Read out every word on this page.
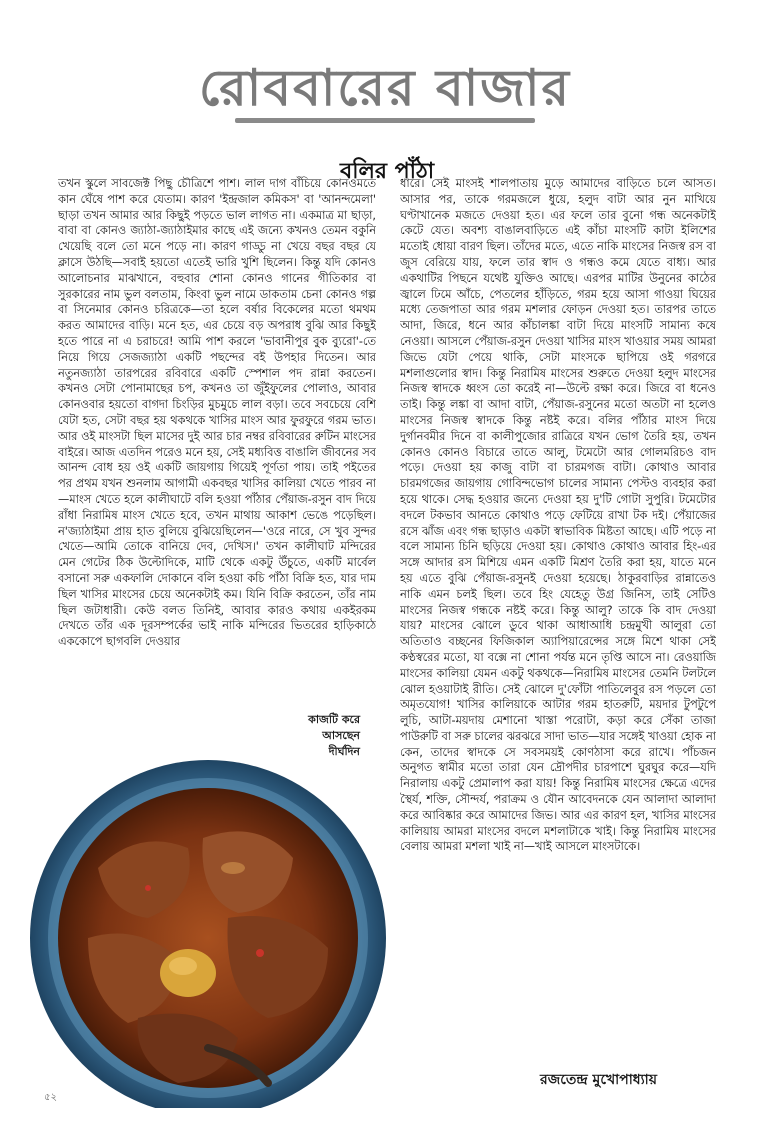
রোববারের বাজার
বলির পাঁঠা

তখন স্কুলে সাবজেক্ট পিছু চৌত্রিশে পাশ। লাল দাগ বাঁচিয়ে কোনওমতে কান ঘেঁষে পাশ করে যেতাম। কারণ 'ইন্দ্রজাল কমিকস' বা 'আনন্দমেলা' ছাড়া তখন আমার আর কিছুই পড়তে ভাল লাগত না। একমাত্র মা ছাড়া, বাবা বা কোনও জ্যাঠা-জ্যাঠাইমার কাছে এই জন্যে কখনও তেমন বকুনি খেয়েছি বলে তো মনে পড়ে না। কারণ গাড্ডু না খেয়ে বছর বছর যে ক্লাসে উঠছি—সবাই হয়তো এতেই ভারি খুশি ছিলেন। কিন্তু যদি কোনও আলোচনার মাঝখানে, বহুবার শোনা কোনও গানের গীতিকার বা সুরকারের নাম ভুল বলতাম, কিংবা ভুল নামে ডাকতাম চেনা কোনও গল্প বা সিনেমার কোনও চরিত্রকে—তা হলে বর্ষার বিকেলের মতো থমথম করত আমাদের বাড়ি। মনে হত, এর চেয়ে বড় অপরাধ বুঝি আর কিছুই হতে পারে না এ চরাচরে! আমি পাশ করলে 'ভাবানীপুর বুক ব্যুরো'-তে নিয়ে গিয়ে সেজজ্যাঠা একটি পছন্দের বই উপহার দিতেন। আর নতুনজ্যাঠা তারপরের রবিবারে একটি স্পেশাল পদ রান্না করতেন। কখনও সেটা পোনামাছের চপ, কখনও তা জুঁইফুলের পোলাও, আবার কোনওবার হয়তো বাগদা চিংড়ির মুচমুচে লাল বড়া। তবে সবচেয়ে বেশি যেটা হত, সেটা বছর হয় থকথকে খাসির মাংস আর ফুরফুরে গরম ভাত। আর ওই মাংসটা ছিল মাসের দুই আর চার নম্বর রবিবারের রুটিন মাংসের বাইরে। আজ এতদিন পরেও মনে হয়, সেই মধ্যবিত্ত বাঙালি জীবনের সব আনন্দ বোধ হয় ওই একটি জায়গায় গিয়েই পূর্ণতা পায়। তাই পইতের পর প্রথম যখন শুনলাম আগামী একবছর খাসির কালিয়া খেতে পারব না—মাংস খেতে হলে কালীঘাটে বলি হওয়া পাঁঠার পেঁয়াজ-রসুন বাদ দিয়ে রাঁধা নিরামিষ মাংস খেতে হবে, তখন মাথায় আকাশ ভেঙে পড়েছিল। ন'জ্যাঠাইমা প্রায় হাত বুলিয়ে বুঝিয়েছিলেন—'ওরে নারে, সে খুব সুন্দর খেতে—আমি তোকে বানিয়ে দেব, দেখিস।' তখন কালীঘাট মন্দিরের মেন গেটের ঠিক উল্টোদিকে, মাটি থেকে একটু উঁচুতে, একটি মার্বেল বসানো সরু একফালি দোকানে বলি হওয়া কচি পাঁঠা বিক্রি হত, যার দাম ছিল খাসির মাংসের চেয়ে অনেকটাই কম। যিনি বিক্রি করতেন, তাঁর নাম ছিল জটাধারী। কেউ বলত তিনিই, আবার কারও কথায় একইরকম দেখতে তাঁর এক দূরসম্পর্কের ভাই নাকি মন্দিরের ভিতরের হাড়িকাঠে এককোপে ছাগবলি দেওয়ার

ধারে। সেই মাংসই শালপাতায় মুড়ে আমাদের বাড়িতে চলে আসত। আসার পর, তাকে গরমজলে ধুয়ে, হলুদ বাটা আর নুন মাখিয়ে ঘণ্টাখানেক মজতে দেওয়া হত। এর ফলে তার বুনো গন্ধ অনেকটাই কেটে যেত। অবশ্য বাঙালবাড়িতে এই কাঁচা মাংসটি কাটা ইলিশের মতোই ধোয়া বারণ ছিল। তাঁদের মতে, এতে নাকি মাংসের নিজস্ব রস বা জুস বেরিয়ে যায়, ফলে তার স্বাদ ও গন্ধও কমে যেতে বাধ্য। আর একথাটির পিছনে যথেষ্ট যুক্তিও আছে। এরপর মাটির উনুনের কাঠের জ্বালে ঢিমে আঁচে, পেতলের হাঁড়িতে, গরম হয়ে আসা গাওয়া ঘিয়ের মধ্যে তেজপাতা আর গরম মশলার ফোড়ন দেওয়া হত। তারপর তাতে আদা, জিরে, ধনে আর কাঁচালঙ্কা বাটা দিয়ে মাংসটি সামান্য কষে নেওয়া। আসলে পেঁয়াজ-রসুন দেওয়া খাসির মাংস খাওয়ার সময় আমরা জিভে যেটা পেয়ে থাকি, সেটা মাংসকে ছাপিয়ে ওই গরগরে মশলাগুলোর স্বাদ। কিন্তু নিরামিষ মাংসের শুরুতে দেওয়া হলুদ মাংসের নিজস্ব স্বাদকে ধ্বংস তো করেই না—উল্টে রক্ষা করে। জিরে বা ধনেও তাই। কিন্তু লঙ্কা বা আদা বাটা, পেঁয়াজ-রসুনের মতো অতটা না হলেও মাংসের নিজস্ব স্বাদকে কিন্তু নষ্টই করে। বলির পাঁঠার মাংস দিয়ে দুর্গানবমীর দিনে বা কালীপুজোর রাত্রিরে যখন ভোগ তৈরি হয়, তখন কোনও কোনও বিচারে তাতে আলু, টমেটো আর গোলমরিচও বাদ পড়ে। দেওয়া হয় কাজু বাটা বা চারমগজ বাটা। কোথাও আবার চারমগজের জায়গায় গোবিন্দভোগ চালের সামান্য পেস্টও ব্যবহার করা হয়ে থাকে। সেদ্ধ হওয়ার জন্যে দেওয়া হয় দু'টি গোটা সুপুরি। টমেটোর বদলে টকভাব আনতে কোথাও পড়ে ফেটিয়ে রাখা টক দই। পেঁয়াজের রসে ঝাঁজ এবং গন্ধ ছাড়াও একটা স্বাভাবিক মিষ্টতা আছে। এটি পড়ে না বলে সামান্য চিনি ছড়িয়ে দেওয়া হয়। কোথাও কোথাও আবার হিং-এর সঙ্গে আদার রস মিশিয়ে এমন একটি মিশ্রণ তৈরি করা হয়, যাতে মনে হয় এতে বুঝি পেঁয়াজ-রসুনই দেওয়া হয়েছে। ঠাকুরবাড়ির রান্নাতেও নাকি এমন চলই ছিল। তবে হিং যেহেতু উগ্র জিনিস, তাই সেটিও মাংসের নিজস্ব গন্ধকে নষ্টই করে। কিন্তু আলু? তাকে কি বাদ দেওয়া যায়? মাংসের ঝোলে ডুবে থাকা আধাআধি চন্দ্রমুখী আলুরা তো অতিতাও বচ্ছনের ফিজিকাল অ্যাপিয়ারেন্সের সঙ্গে মিশে থাকা সেই কণ্ঠস্বরের মতো, যা বক্সে না শোনা পর্যন্ত মনে তৃপ্তি আসে না। রেওয়াজি মাংসের কালিয়া যেমন একটু থকথকে—নিরামিষ মাংসের তেমনি টলটলে ঝোল হওয়াটাই রীতি। সেই ঝোলে দু'ফোঁটা পাতিলেবুর রস পড়লে তো অমৃতযোগ! খাসির কালিয়াকে আটার গরম হাতরুটি, ময়দার টুপটুপে লুচি, আটা-ময়দায় মেশানো খাস্তা পরোটা, কড়া করে সেঁকা তাজা পাউরুটি বা সরু চালের ঝরঝরে সাদা ভাত—যার সঙ্গেই খাওয়া হোক না কেন, তাদের স্বাদকে সে সবসময়ই কোণঠাসা করে রাখে। পাঁচজন অনুগত স্বামীর মতো তারা যেন দ্রৌপদীর চারপাশে ঘুরঘুর করে—যদি নিরালায় একটু প্রেমালাপ করা যায়! কিন্তু নিরামিষ মাংসের ক্ষেত্রে এদের স্থৈর্য, শক্তি, সৌন্দর্য, পরাক্রম ও যৌন আবেদনকে যেন আলাদা আলাদা করে আবিষ্কার করে আমাদের জিভ। আর এর কারণ হল, খাসির মাংসের কালিয়ায় আমরা মাংসের বদলে মশলাটাকে খাই। কিন্তু নিরামিষ মাংসের বেলায় আমরা মশলা খাই না—খাই আসলে মাংসটাকে।

কাজটি করে
আসছেন
দীর্ঘদিন
রজতেন্দ্র মুখোপাধ্যায়
৫২
